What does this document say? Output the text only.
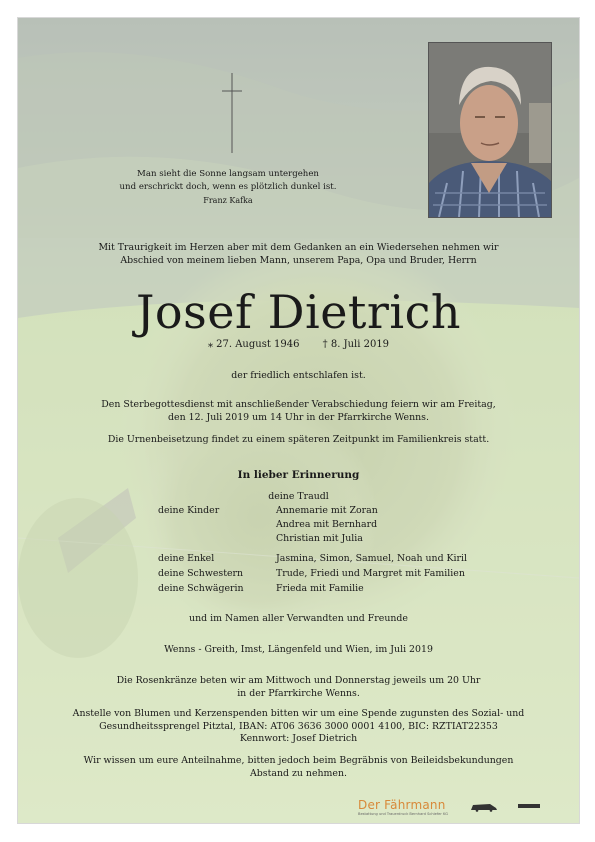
Man sieht die Sonne langsam untergehen
und erschrickt doch, wenn es plötzlich dunkel ist.
Franz Kafka
Mit Traurigkeit im Herzen aber mit dem Gedanken an ein Wiedersehen nehmen wir
Abschied von meinem lieben Mann, unserem Papa, Opa und Bruder, Herrn
Josef Dietrich
⁎ 27. August 1946 † 8. Juli 2019
der friedlich entschlafen ist.
Den Sterbegottesdienst mit anschließender Verabschiedung feiern wir am Freitag,
den 12. Juli 2019 um 14 Uhr in der Pfarrkirche Wenns.
Die Urnenbeisetzung findet zu einem späteren Zeitpunkt im Familienkreis statt.
In lieber Erinnerung
deine Traudl
deine Kinder	Annemarie mit Zoran
Andrea mit Bernhard
Christian mit Julia
deine Enkel	Jasmina, Simon, Samuel, Noah und Kiril
deine Schwestern	Trude, Friedi und Margret mit Familien
deine Schwägerin	Frieda mit Familie
und im Namen aller Verwandten und Freunde
Wenns - Greith, Imst, Längenfeld und Wien, im Juli 2019
Die Rosenkränze beten wir am Mittwoch und Donnerstag jeweils um 20 Uhr
in der Pfarrkirche Wenns.
Anstelle von Blumen und Kerzenspenden bitten wir um eine Spende zugunsten des Sozial- und
Gesundheitssprengel Pitztal, IBAN: AT06 3636 3000 0001 4100, BIC: RZTIAT22353
Kennwort: Josef Dietrich
Wir wissen um eure Anteilnahme, bitten jedoch beim Begräbnis von Beileidsbekundungen
Abstand zu nehmen.
Der Fährmann
Bestattung und Trauerdruck Bernhard Schiefer KG
